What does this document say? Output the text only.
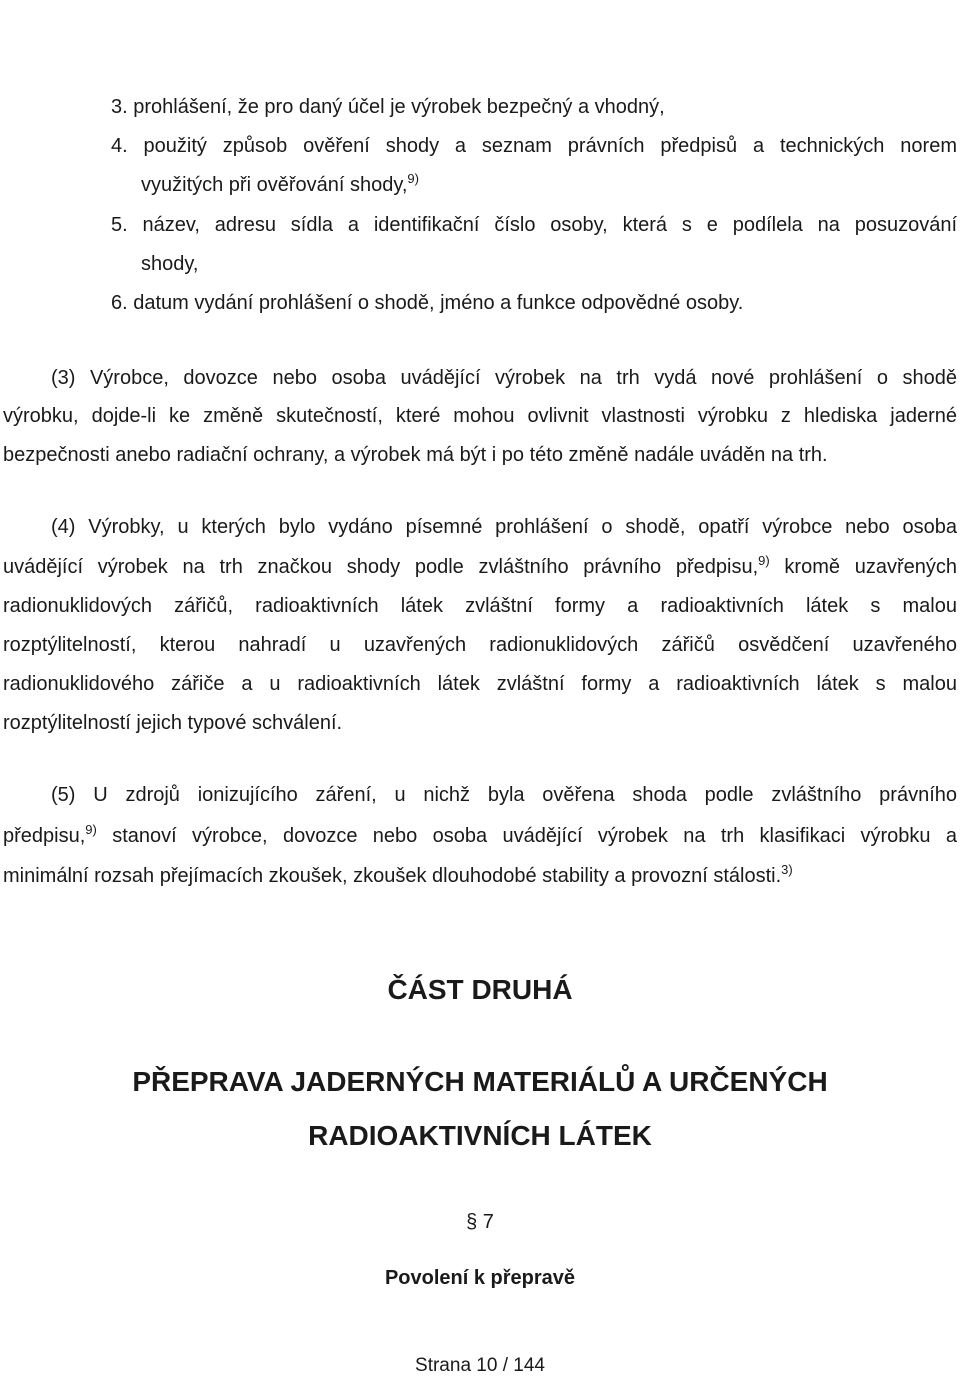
3. prohlášení, že pro daný účel je výrobek bezpečný a vhodný,
4. použitý způsob ověření shody a seznam právních předpisů a technických norem
využitých při ověřování shody,$^{9)}$
5. název, adresu sídla a identifikační číslo osoby, která s e podílela na posuzování
shody,
6. datum vydání prohlášení o shodě, jméno a funkce odpovědné osoby.
(3) Výrobce, dovozce nebo osoba uvádějící výrobek na trh vydá nové prohlášení o shodě
výrobku, dojde-li ke změně skutečností, které mohou ovlivnit vlastnosti výrobku z hlediska jaderné
bezpečnosti anebo radiační ochrany, a výrobek má být i po této změně nadále uváděn na trh.
(4) Výrobky, u kterých bylo vydáno písemné prohlášení o shodě, opatří výrobce nebo osoba
uvádějící výrobek na trh značkou shody podle zvláštního právního předpisu,$^{9)}$ kromě uzavřených
radionuklidových zářičů, radioaktivních látek zvláštní formy a radioaktivních látek s malou
rozptýlitelností, kterou nahradí u uzavřených radionuklidových zářičů osvědčení uzavřeného
radionuklidového zářiče a u radioaktivních látek zvláštní formy a radioaktivních látek s malou
rozptýlitelností jejich typové schválení.
(5) U zdrojů ionizujícího záření, u nichž byla ověřena shoda podle zvláštního právního
předpisu,$^{9)}$ stanoví výrobce, dovozce nebo osoba uvádějící výrobek na trh klasifikaci výrobku a
minimální rozsah přejímacích zkoušek, zkoušek dlouhodobé stability a provozní stálosti.$^{3)}$
ČÁST DRUHÁ
PŘEPRAVA JADERNÝCH MATERIÁLŮ A URČENÝCH
RADIOAKTIVNÍCH LÁTEK
§ 7
Povolení k přepravě
Strana 10 / 144
